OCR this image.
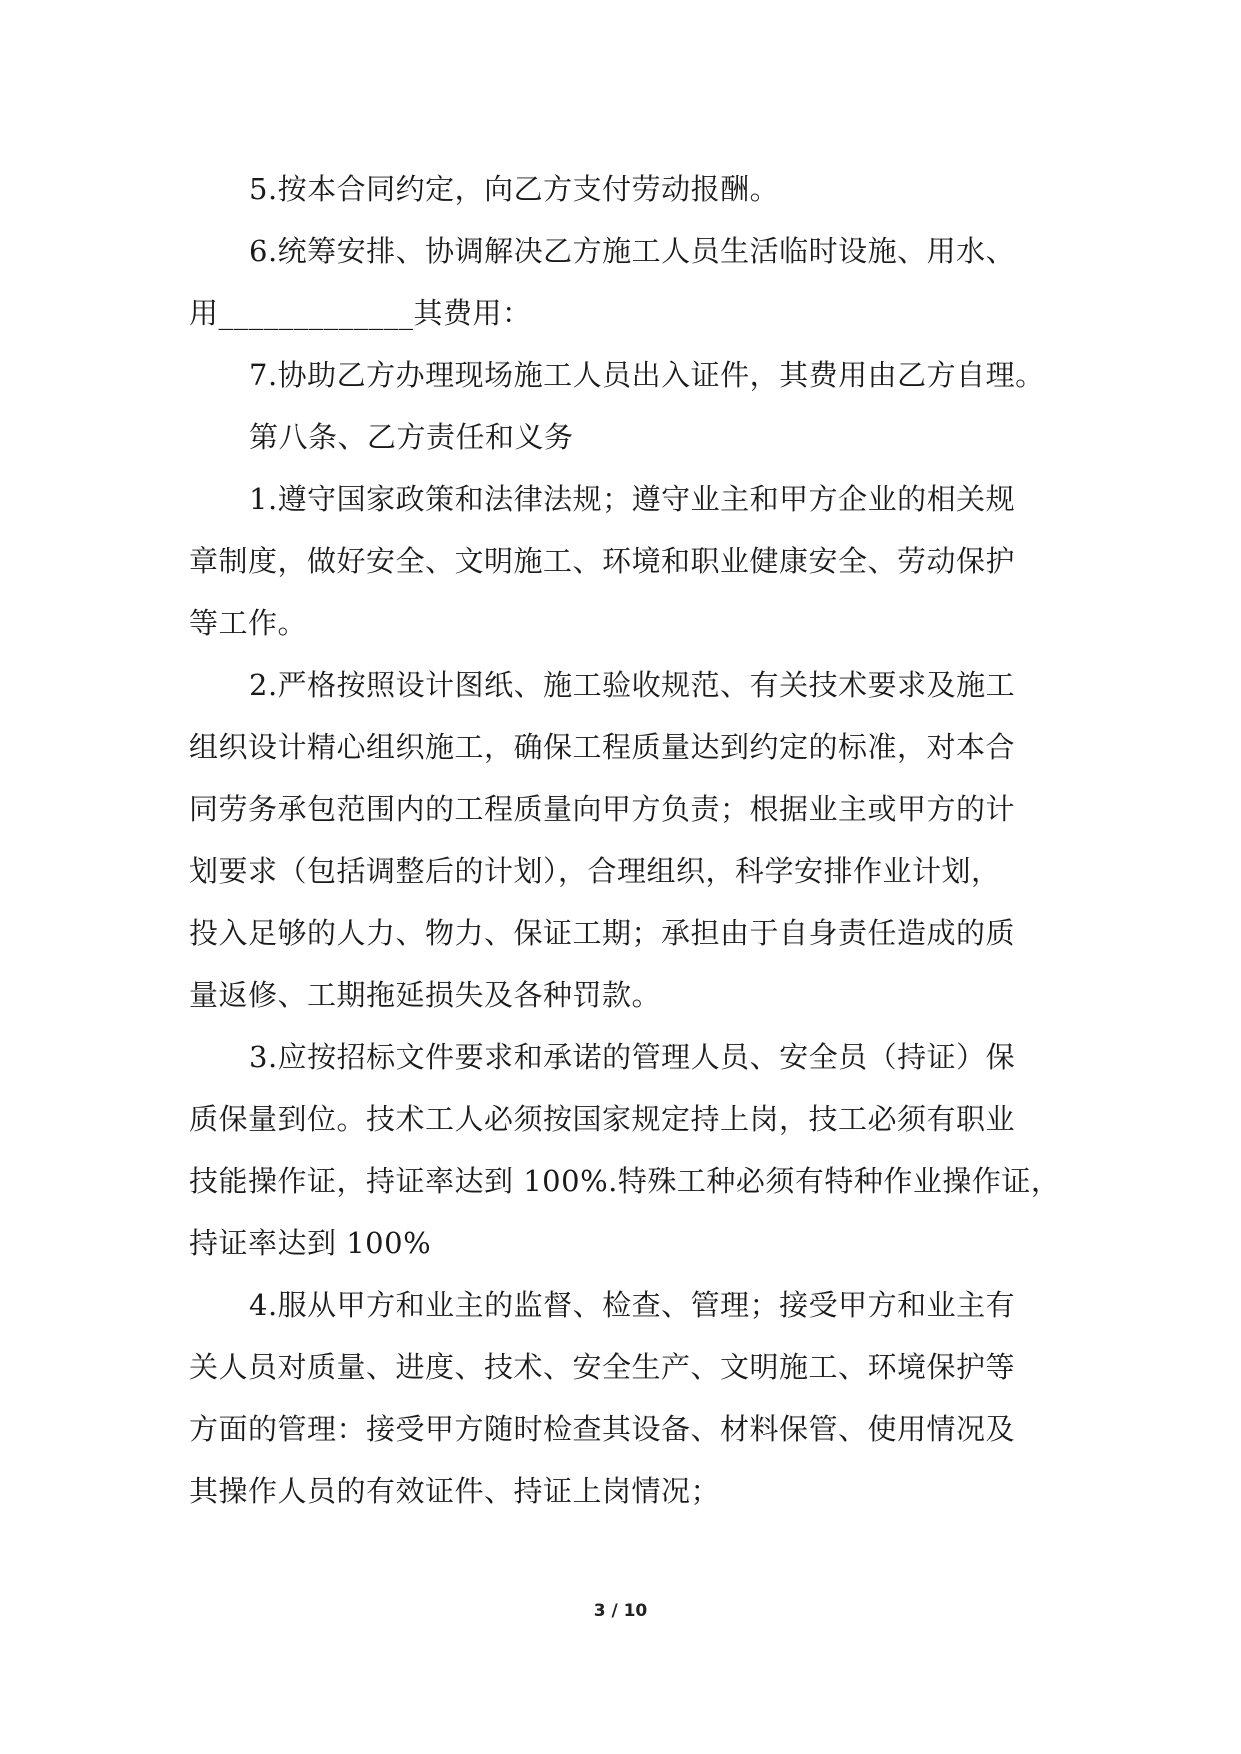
5.按本合同约定，向乙方支付劳动报酬。
6.统筹安排、协调解决乙方施工人员生活临时设施、用水、
用_____________其费用：
7.协助乙方办理现场施工人员出入证件，其费用由乙方自理。
第八条、乙方责任和义务
1.遵守国家政策和法律法规；遵守业主和甲方企业的相关规
章制度，做好安全、文明施工、环境和职业健康安全、劳动保护
等工作。
2.严格按照设计图纸、施工验收规范、有关技术要求及施工
组织设计精心组织施工，确保工程质量达到约定的标准，对本合
同劳务承包范围内的工程质量向甲方负责；根据业主或甲方的计
划要求（包括调整后的计划），合理组织，科学安排作业计划，
投入足够的人力、物力、保证工期；承担由于自身责任造成的质
量返修、工期拖延损失及各种罚款。
3.应按招标文件要求和承诺的管理人员、安全员（持证）保
质保量到位。技术工人必须按国家规定持上岗，技工必须有职业
技能操作证，持证率达到 100%.特殊工种必须有特种作业操作证，
持证率达到 100%
4.服从甲方和业主的监督、检查、管理；接受甲方和业主有
关人员对质量、进度、技术、安全生产、文明施工、环境保护等
方面的管理：接受甲方随时检查其设备、材料保管、使用情况及
其操作人员的有效证件、持证上岗情况；
3 / 10
